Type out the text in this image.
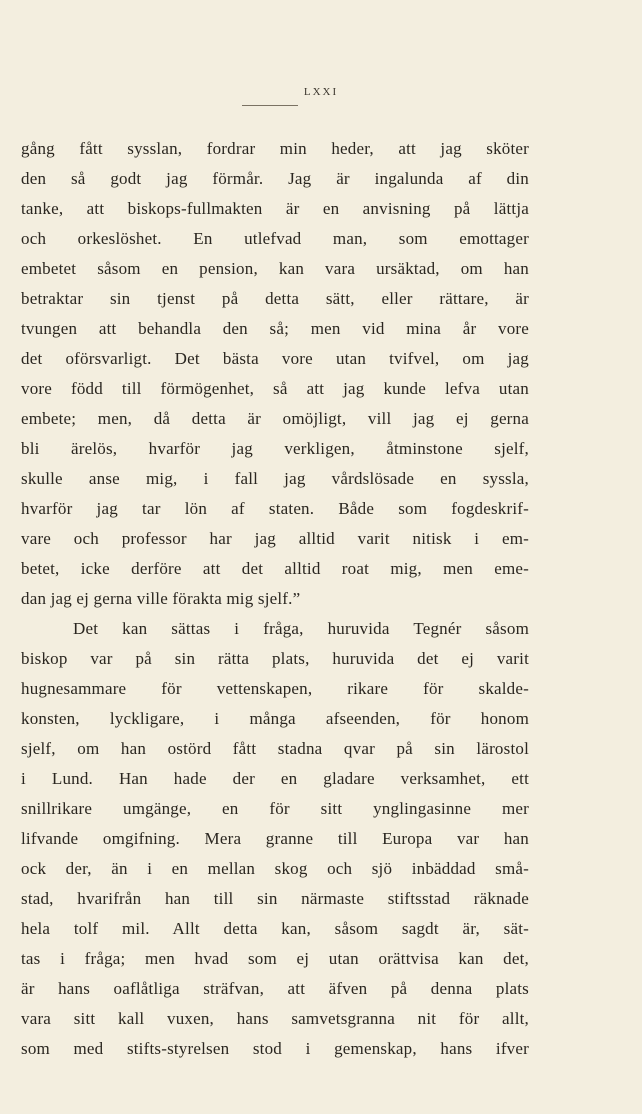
LXXI
gång fått sysslan, fordrar min heder, att jag sköter
den så godt jag förmår. Jag är ingalunda af din
tanke, att biskops-fullmakten är en anvisning på lättja
och orkeslöshet. En utlefvad man, som emottager
embetet såsom en pension, kan vara ursäktad, om han
betraktar sin tjenst på detta sätt, eller rättare, är
tvungen att behandla den så; men vid mina år vore
det oförsvarligt. Det bästa vore utan tvifvel, om jag
vore född till förmögenhet, så att jag kunde lefva utan
embete; men, då detta är omöjligt, vill jag ej gerna
bli ärelös, hvarför jag verkligen, åtminstone sjelf,
skulle anse mig, i fall jag vårdslösade en syssla,
hvarför jag tar lön af staten. Både som fogdeskrif-
vare och professor har jag alltid varit nitisk i em-
betet, icke derföre att det alltid roat mig, men eme-
dan jag ej gerna ville förakta mig sjelf.”
Det kan sättas i fråga, huruvida Tegnér såsom
biskop var på sin rätta plats, huruvida det ej varit
hugnesammare för vettenskapen, rikare för skalde-
konsten, lyckligare, i många afseenden, för honom
sjelf, om han ostörd fått stadna qvar på sin lärostol
i Lund. Han hade der en gladare verksamhet, ett
snillrikare umgänge, en för sitt ynglingasinne mer
lifvande omgifning. Mera granne till Europa var han
ock der, än i en mellan skog och sjö inbäddad små-
stad, hvarifrån han till sin närmaste stiftsstad räknade
hela tolf mil. Allt detta kan, såsom sagdt är, sät-
tas i fråga; men hvad som ej utan orättvisa kan det,
är hans oaflåtliga sträfvan, att äfven på denna plats
vara sitt kall vuxen, hans samvetsgranna nit för allt,
som med stifts-styrelsen stod i gemenskap, hans ifver
